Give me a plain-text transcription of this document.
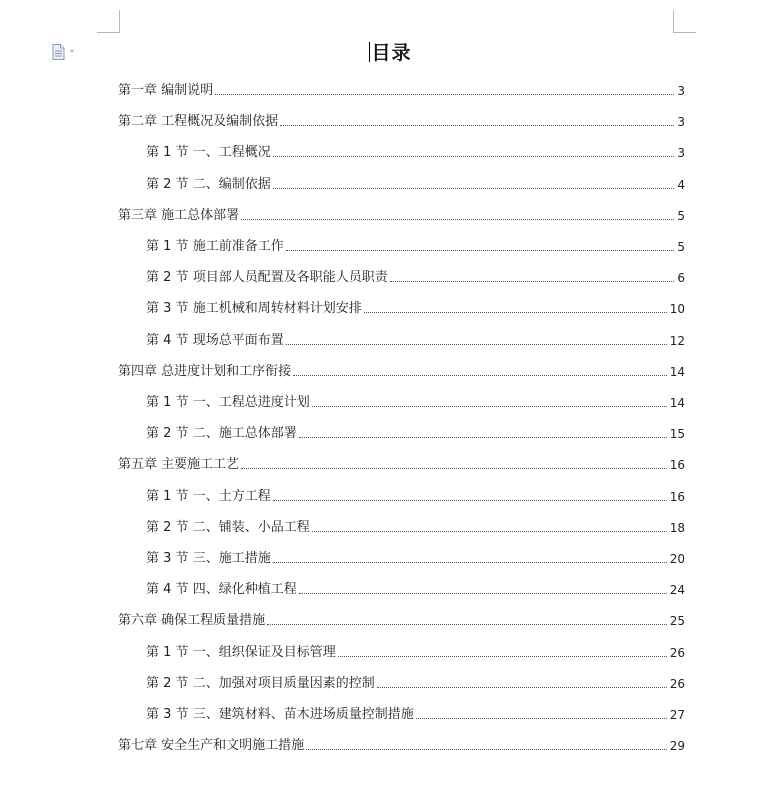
目录
第一章 编制说明	3
第二章 工程概况及编制依据	3
第 1 节 一、工程概况	3
第 2 节 二、编制依据	4
第三章 施工总体部署	5
第 1 节 施工前准备工作	5
第 2 节 项目部人员配置及各职能人员职责	6
第 3 节 施工机械和周转材料计划安排	10
第 4 节 现场总平面布置	12
第四章 总进度计划和工序衔接	14
第 1 节 一、工程总进度计划	14
第 2 节 二、施工总体部署	15
第五章 主要施工工艺	16
第 1 节 一、土方工程	16
第 2 节 二、铺装、小品工程	18
第 3 节 三、施工措施	20
第 4 节 四、绿化种植工程	24
第六章 确保工程质量措施	25
第 1 节 一、组织保证及目标管理	26
第 2 节 二、加强对项目质量因素的控制	26
第 3 节 三、建筑材料、苗木进场质量控制措施	27
第七章 安全生产和文明施工措施	29
